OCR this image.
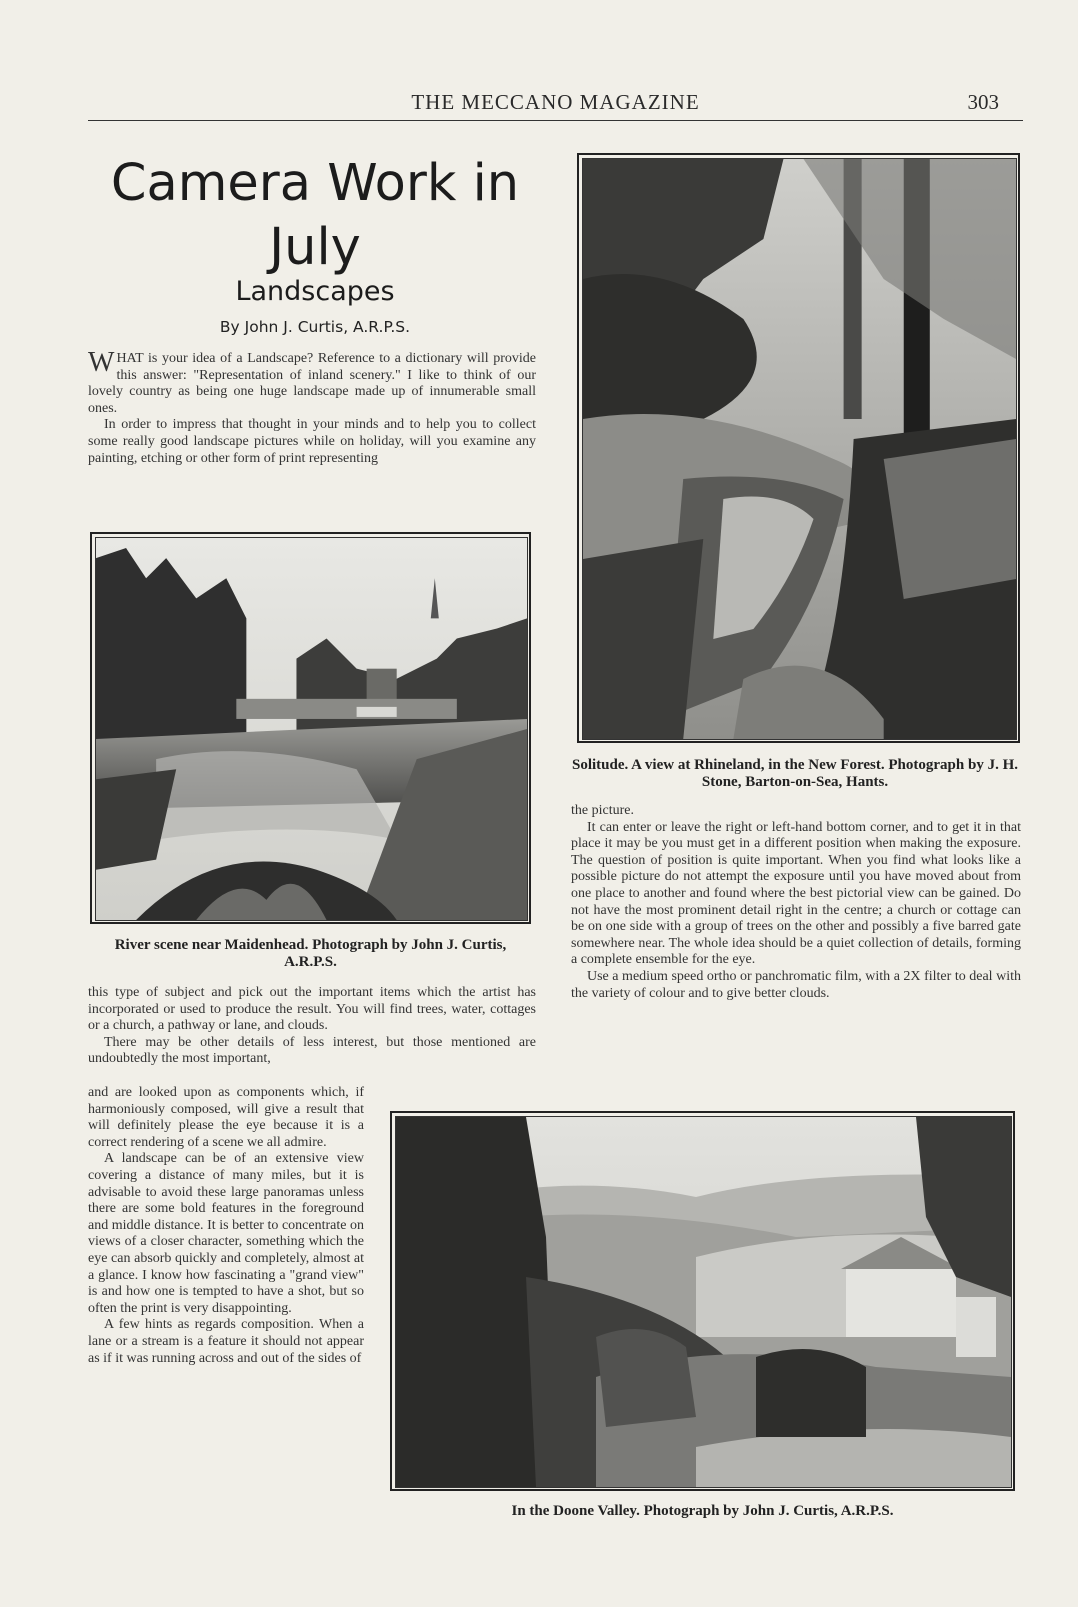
THE MECCANO MAGAZINE	303
Camera Work in July
Landscapes
By John J. Curtis, A.R.P.S.

WHAT is your idea of a Landscape? Reference to a dictionary will provide this answer: "Representation of inland scenery." I like to think of our lovely country as being one huge landscape made up of innumerable small ones.

In order to impress that thought in your minds and to help you to collect some really good landscape pictures while on holiday, will you examine any painting, etching or other form of print representing

River scene near Maidenhead. Photograph by John J. Curtis, A.R.P.S.

this type of subject and pick out the important items which the artist has incorporated or used to produce the result. You will find trees, water, cottages or a church, a pathway or lane, and clouds.

There may be other details of less interest, but those mentioned are undoubtedly the most important,

and are looked upon as components which, if harmoniously composed, will give a result that will definitely please the eye because it is a correct rendering of a scene we all admire.

A landscape can be of an extensive view covering a distance of many miles, but it is advisable to avoid these large panoramas unless there are some bold features in the foreground and middle distance. It is better to concentrate on views of a closer character, something which the eye can absorb quickly and completely, almost at a glance. I know how fascinating a "grand view" is and how one is tempted to have a shot, but so often the print is very disappointing.

A few hints as regards composition. When a lane or a stream is a feature it should not appear as if it was running across and out of the sides of

Solitude. A view at Rhineland, in the New Forest. Photograph by J. H. Stone, Barton-on-Sea, Hants.

the picture.

It can enter or leave the right or left-hand bottom corner, and to get it in that place it may be you must get in a different position when making the exposure. The question of position is quite important. When you find what looks like a possible picture do not attempt the exposure until you have moved about from one place to another and found where the best pictorial view can be gained. Do not have the most prominent detail right in the centre; a church or cottage can be on one side with a group of trees on the other and possibly a five barred gate somewhere near. The whole idea should be a quiet collection of details, forming a complete ensemble for the eye.

Use a medium speed ortho or panchromatic film, with a 2X filter to deal with the variety of colour and to give better clouds.

In the Doone Valley. Photograph by John J. Curtis, A.R.P.S.
